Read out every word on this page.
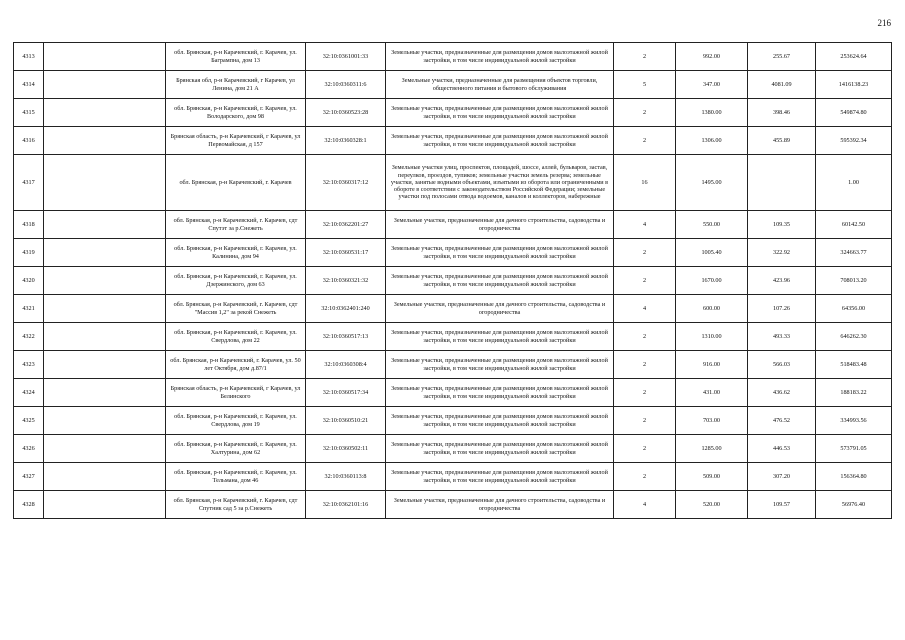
216
4313		обл. Брянская, р-н Карачевский, г. Карачев, ул. Багрампна, дом 13	32:10:0361001:33	Земельные участки, предназначенные для размещения домов малоэтажной жилой застройки, в том числе индивидуальной жилой застройки	2	992.00	255.67	253624.64
4314		Брянская обл, р-н Карачевский, г Карачев, ул Ленина, дом 21 А	32:10:0360311:6	Земельные участки, предназначенные для размещения объектов торговли, общественного питания и бытового обслуживания	5	347.00	4081.09	1416138.23
4315		обл. Брянская, р-н Карачевский, г. Карачев, ул. Володарского, дом 98	32:10:0360523:28	Земельные участки, предназначенные для размещения домов малоэтажной жилой застройки, в том числе индивидуальной жилой застройки	2	1380.00	398.46	549874.80
4316		Брянская область, р-н Карачевский, г Карачев, ул Первомайская, д 157	32:10:0360328:1	Земельные участки, предназначенные для размещения домов малоэтажной жилой застройки, в том числе индивидуальной жилой застройки	2	1306.00	455.89	595392.34
4317		обл. Брянская, р-н Карачевский, г. Карачев	32:10:0360317:12	Земельные участки улиц, проспектов, площадей, шоссе, аллей, бульваров, застав, переулков, проездов, тупиков; земельные участки земель резерва; земельные участки, занятые водными объектами, изъятыми из оборота или ограниченными в обороте в соответствии с законодательством Российской Федерации; земельные участки под полосами отвода водоемов, каналов и коллекторов, набережные	16	1495.00		1.00
4318		обл. Брянская, р-н Карачевский, г. Карачев, сдт Спутэт за р.Снежеть	32:10:0362201:27	Земельные участки, предназначенные для дачного строительства, садоводства и огородничества	4	550.00	109.35	60142.50
4319		обл. Брянская, р-н Карачевский, г. Карачев, ул. Калинина, дом 94	32:10:0360531:17	Земельные участки, предназначенные для размещения домов малоэтажной жилой застройки, в том числе индивидуальной жилой застройки	2	1005.40	322.92	324663.77
4320		обл. Брянская, р-н Карачевский, г. Карачев, ул. Дзержинского, дом 63	32:10:0360321:32	Земельные участки, предназначенные для размещения домов малоэтажной жилой застройки, в том числе индивидуальной жилой застройки	2	1670.00	423.96	708013.20
4321		обл. Брянская, р-н Карачевский, г. Карачев, сдт "Массив 1,2" за рекой Снежеть	32:10:0362401:240	Земельные участки, предназначенные для дачного строительства, садоводства и огородничества	4	600.00	107.26	64356.00
4322		обл. Брянская, р-н Карачевский, г. Карачев, ул. Свердлова, дом 22	32:10:0360517:13	Земельные участки, предназначенные для размещения домов малоэтажной жилой застройки, в том числе индивидуальной жилой застройки	2	1310.00	493.33	646262.30
4323		обл. Брянская, р-н Карачевский, г. Карачев, ул. 50 лет Октября, дом д.87/1	32:10:0360308:4	Земельные участки, предназначенные для размещения домов малоэтажной жилой застройки, в том числе индивидуальной жилой застройки	2	916.00	566.03	518483.48
4324		Брянская область, р-н Карачевский, г Карачев, ул Белинского	32:10:0360517:34	Земельные участки, предназначенные для размещения домов малоэтажной жилой застройки, в том числе индивидуальной жилой застройки	2	431.00	436.62	188183.22
4325		обл. Брянская, р-н Карачевский, г. Карачев, ул. Свердлова, дом 19	32:10:0360510:21	Земельные участки, предназначенные для размещения домов малоэтажной жилой застройки, в том числе индивидуальной жилой застройки	2	703.00	476.52	334993.56
4326		обл. Брянская, р-н Карачевский, г. Карачев, ул. Халтурина, дом 62	32:10:0360502:11	Земельные участки, предназначенные для размещения домов малоэтажной жилой застройки, в том числе индивидуальной жилой застройки	2	1285.00	446.53	573791.05
4327		обл. Брянская, р-н Карачевский, г. Карачев, ул. Тельмана, дом 46	32:10:0360113:8	Земельные участки, предназначенные для размещения домов малоэтажной жилой застройки, в том числе индивидуальной жилой застройки	2	509.00	307.20	156364.80
4328		обл. Брянская, р-н Карачевский, г. Карачев, сдт Спутник сад 5 за р.Снежеть	32:10:0362101:16	Земельные участки, предназначенные для дачного строительства, садоводства и огородничества	4	520.00	109.57	56976.40
